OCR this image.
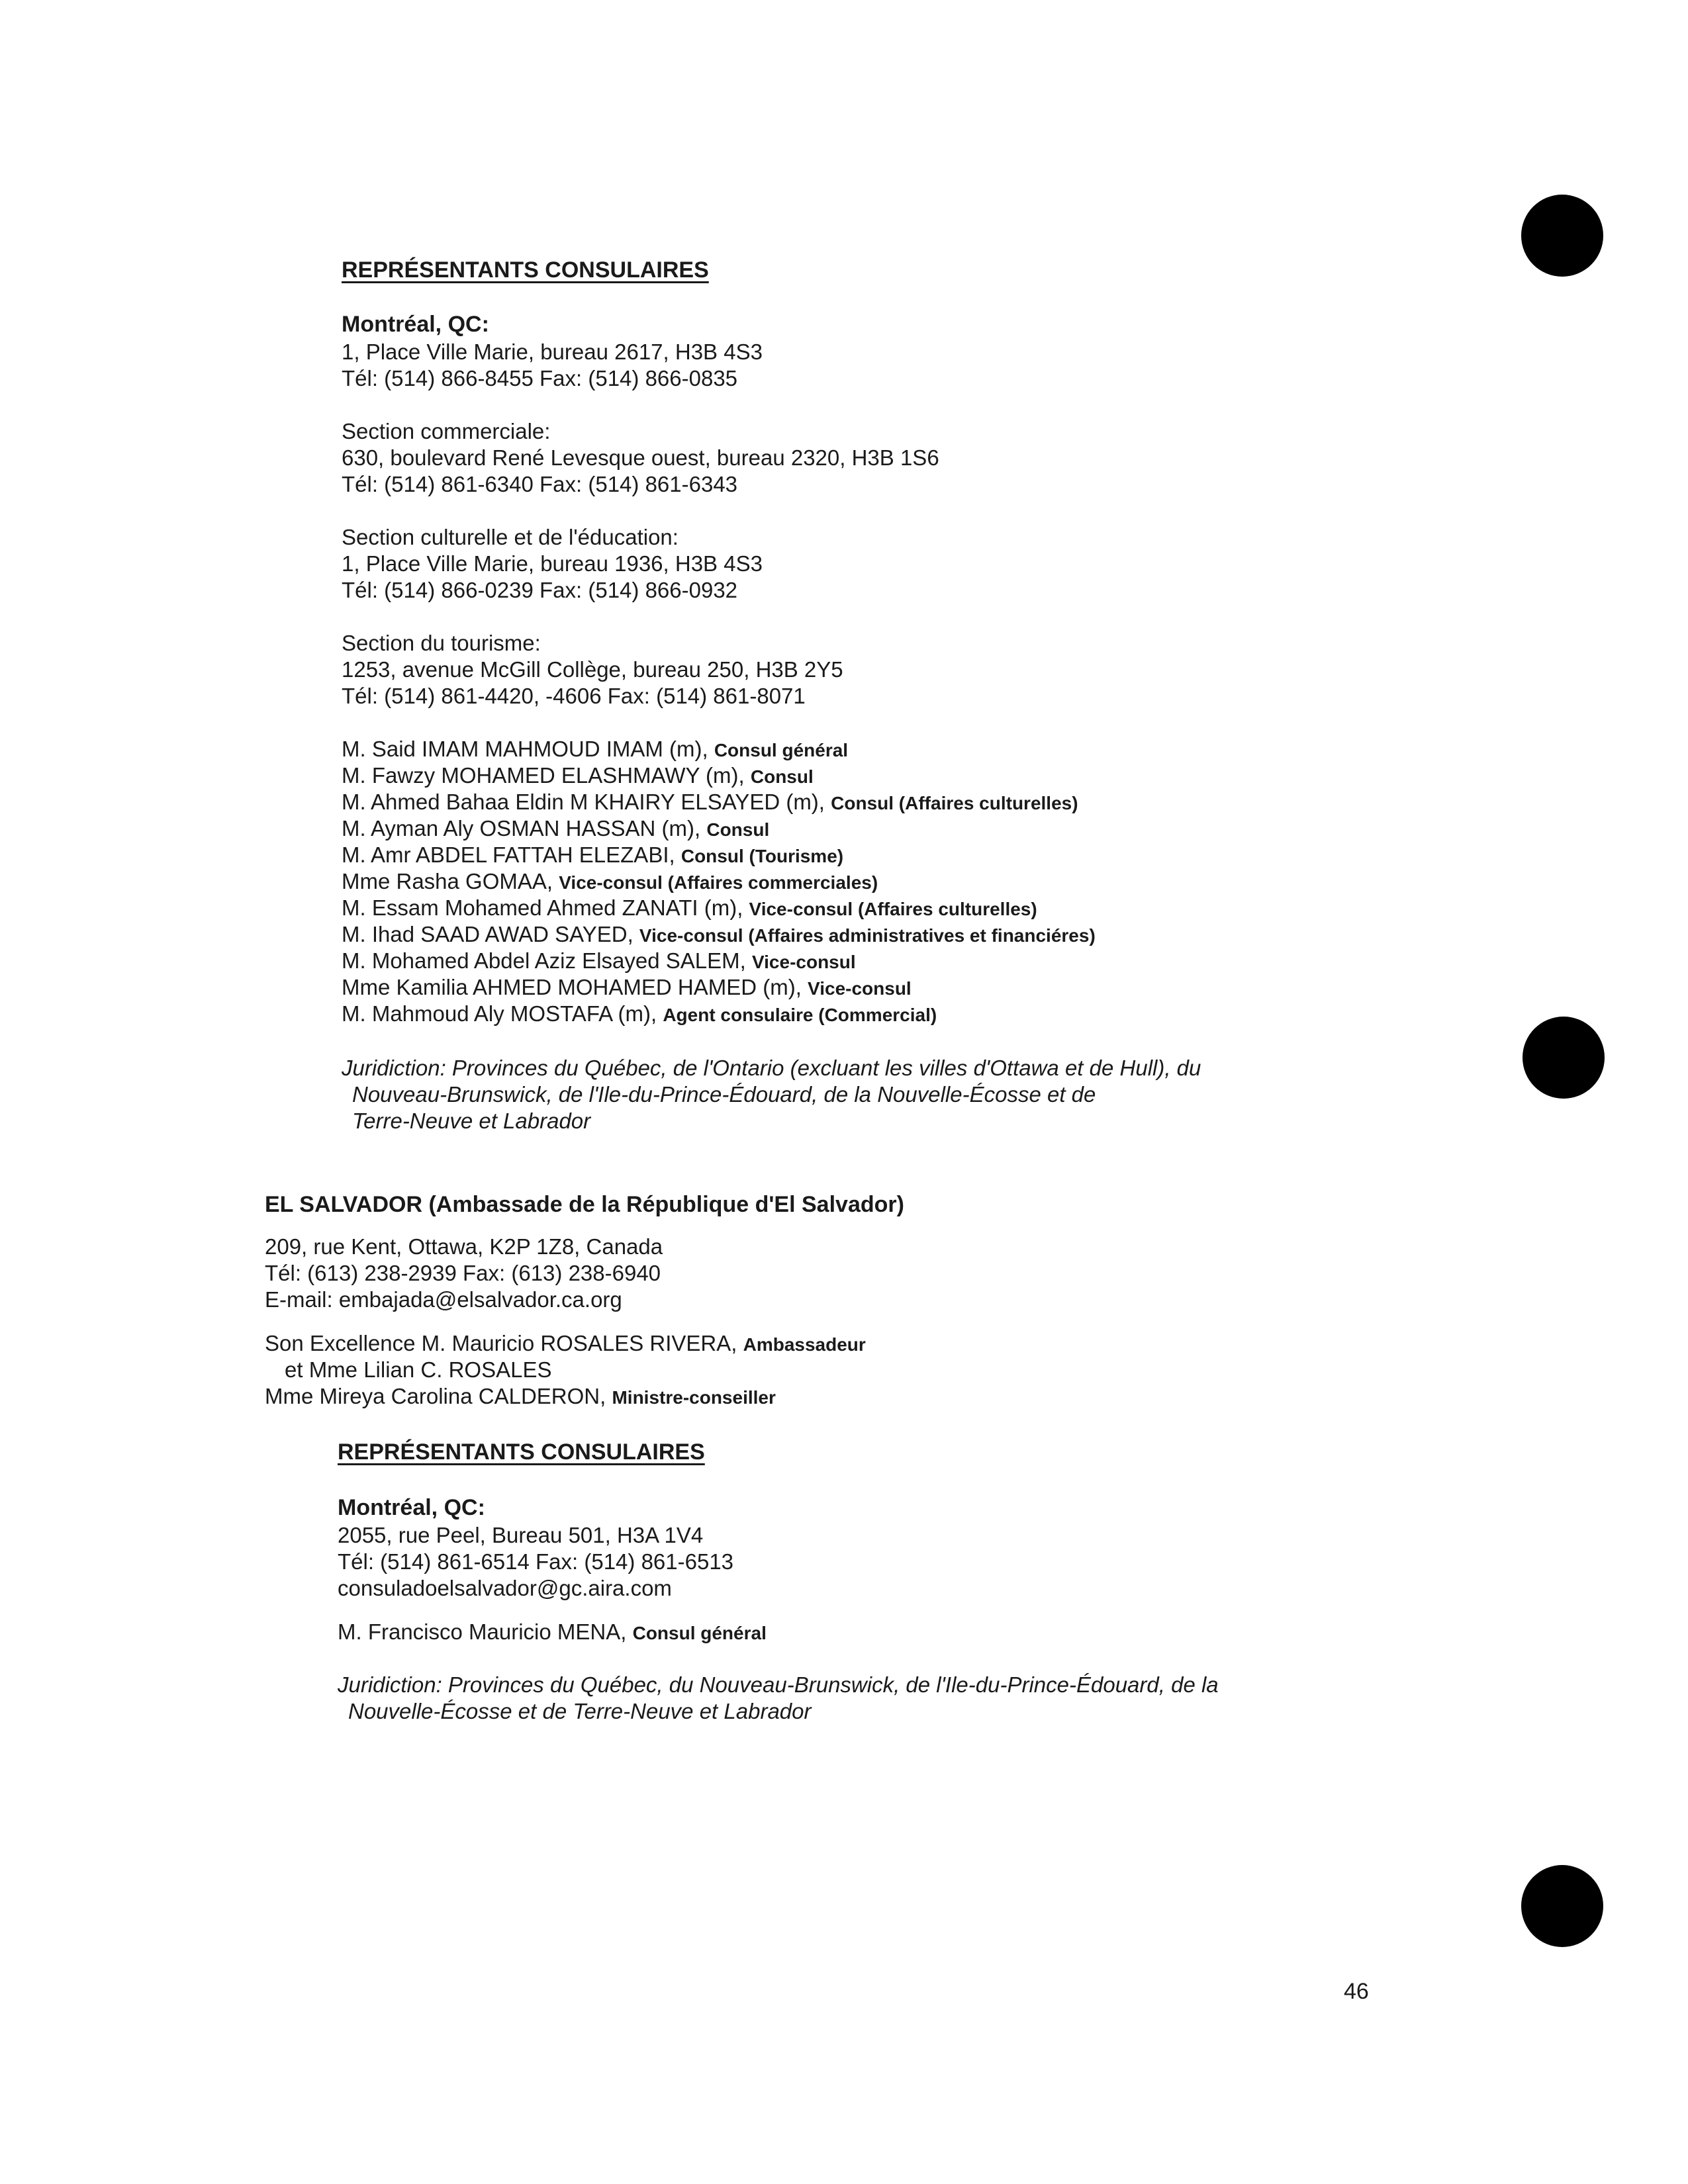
REPRÉSENTANTS CONSULAIRES
Montréal, QC:
1, Place Ville Marie, bureau 2617, H3B 4S3
Tél: (514) 866-8455 Fax: (514) 866-0835
Section commerciale:
630, boulevard René Levesque ouest, bureau 2320, H3B 1S6
Tél: (514) 861-6340 Fax: (514) 861-6343
Section culturelle et de l'éducation:
1, Place Ville Marie, bureau 1936, H3B 4S3
Tél: (514) 866-0239 Fax: (514) 866-0932
Section du tourisme:
1253, avenue McGill Collège, bureau 250, H3B 2Y5
Tél: (514) 861-4420, -4606 Fax: (514) 861-8071
M. Said IMAM MAHMOUD IMAM (m), Consul général
M. Fawzy MOHAMED ELASHMAWY (m), Consul
M. Ahmed Bahaa Eldin M KHAIRY ELSAYED (m), Consul (Affaires culturelles)
M. Ayman Aly OSMAN HASSAN (m), Consul
M. Amr ABDEL FATTAH ELEZABI, Consul (Tourisme)
Mme Rasha GOMAA, Vice-consul (Affaires commerciales)
M. Essam Mohamed Ahmed ZANATI (m), Vice-consul (Affaires culturelles)
M. Ihad SAAD AWAD SAYED, Vice-consul (Affaires administratives et financiéres)
M. Mohamed Abdel Aziz Elsayed SALEM, Vice-consul
Mme Kamilia AHMED MOHAMED HAMED (m), Vice-consul
M. Mahmoud Aly MOSTAFA (m), Agent consulaire (Commercial)
Juridiction: Provinces du Québec, de l'Ontario (excluant les villes d'Ottawa et de Hull), du
Nouveau-Brunswick, de l'Ile-du-Prince-Édouard, de la Nouvelle-Écosse et de
Terre-Neuve et Labrador
EL SALVADOR (Ambassade de la République d'El Salvador)
209, rue Kent, Ottawa, K2P 1Z8, Canada
Tél: (613) 238-2939 Fax: (613) 238-6940
E-mail: embajada@elsalvador.ca.org
Son Excellence M. Mauricio ROSALES RIVERA, Ambassadeur
et Mme Lilian C. ROSALES
Mme Mireya Carolina CALDERON, Ministre-conseiller
REPRÉSENTANTS CONSULAIRES
Montréal, QC:
2055, rue Peel, Bureau 501, H3A 1V4
Tél: (514) 861-6514 Fax: (514) 861-6513
consuladoelsalvador@gc.aira.com
M. Francisco Mauricio MENA, Consul général
Juridiction: Provinces du Québec, du Nouveau-Brunswick, de l'Ile-du-Prince-Édouard, de la
Nouvelle-Écosse et de Terre-Neuve et Labrador
46
